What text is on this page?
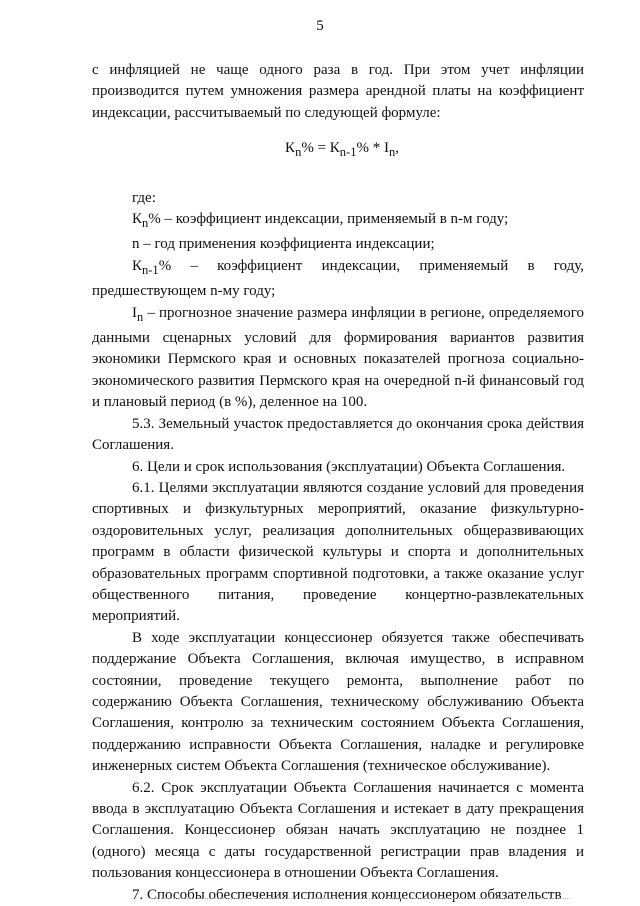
5

с инфляцией не чаще одного раза в год. При этом учет инфляции производится путем умножения размера арендной платы на коэффициент индексации, рассчитываемый по следующей формуле:

$К_n\% = К_{n-1}\% * I_n$,

где:

$К_n\%$ – коэффициент индексации, применяемый в n-м году;

n – год применения коэффициента индексации;

$К_{n-1}\%$ – коэффициент индексации, применяемый в году, предшествующем n-му году;

$I_n$ – прогнозное значение размера инфляции в регионе, определяемого данными сценарных условий для формирования вариантов развития экономики Пермского края и основных показателей прогноза социально-экономического развития Пермского края на очередной n-й финансовый год и плановый период (в %), деленное на 100.

5.3. Земельный участок предоставляется до окончания срока действия Соглашения.

6. Цели и срок использования (эксплуатации) Объекта Соглашения.

6.1. Целями эксплуатации являются создание условий для проведения спортивных и физкультурных мероприятий, оказание физкультурно-оздоровительных услуг, реализация дополнительных общеразвивающих программ в области физической культуры и спорта и дополнительных образовательных программ спортивной подготовки, а также оказание услуг общественного питания, проведение концертно-развлекательных мероприятий.

В ходе эксплуатации концессионер обязуется также обеспечивать поддержание Объекта Соглашения, включая имущество, в исправном состоянии, проведение текущего ремонта, выполнение работ по содержанию Объекта Соглашения, техническому обслуживанию Объекта Соглашения, контролю за техническим состоянием Объекта Соглашения, поддержанию исправности Объекта Соглашения, наладке и регулировке инженерных систем Объекта Соглашения (техническое обслуживание).

6.2. Срок эксплуатации Объекта Соглашения начинается с момента ввода в эксплуатацию Объекта Соглашения и истекает в дату прекращения Соглашения. Концессионер обязан начать эксплуатацию не позднее 1 (одного) месяца с даты государственной регистрации прав владения и пользования концессионера в отношении Объекта Соглашения.

7. Способы обеспечения исполнения концессионером обязательств
